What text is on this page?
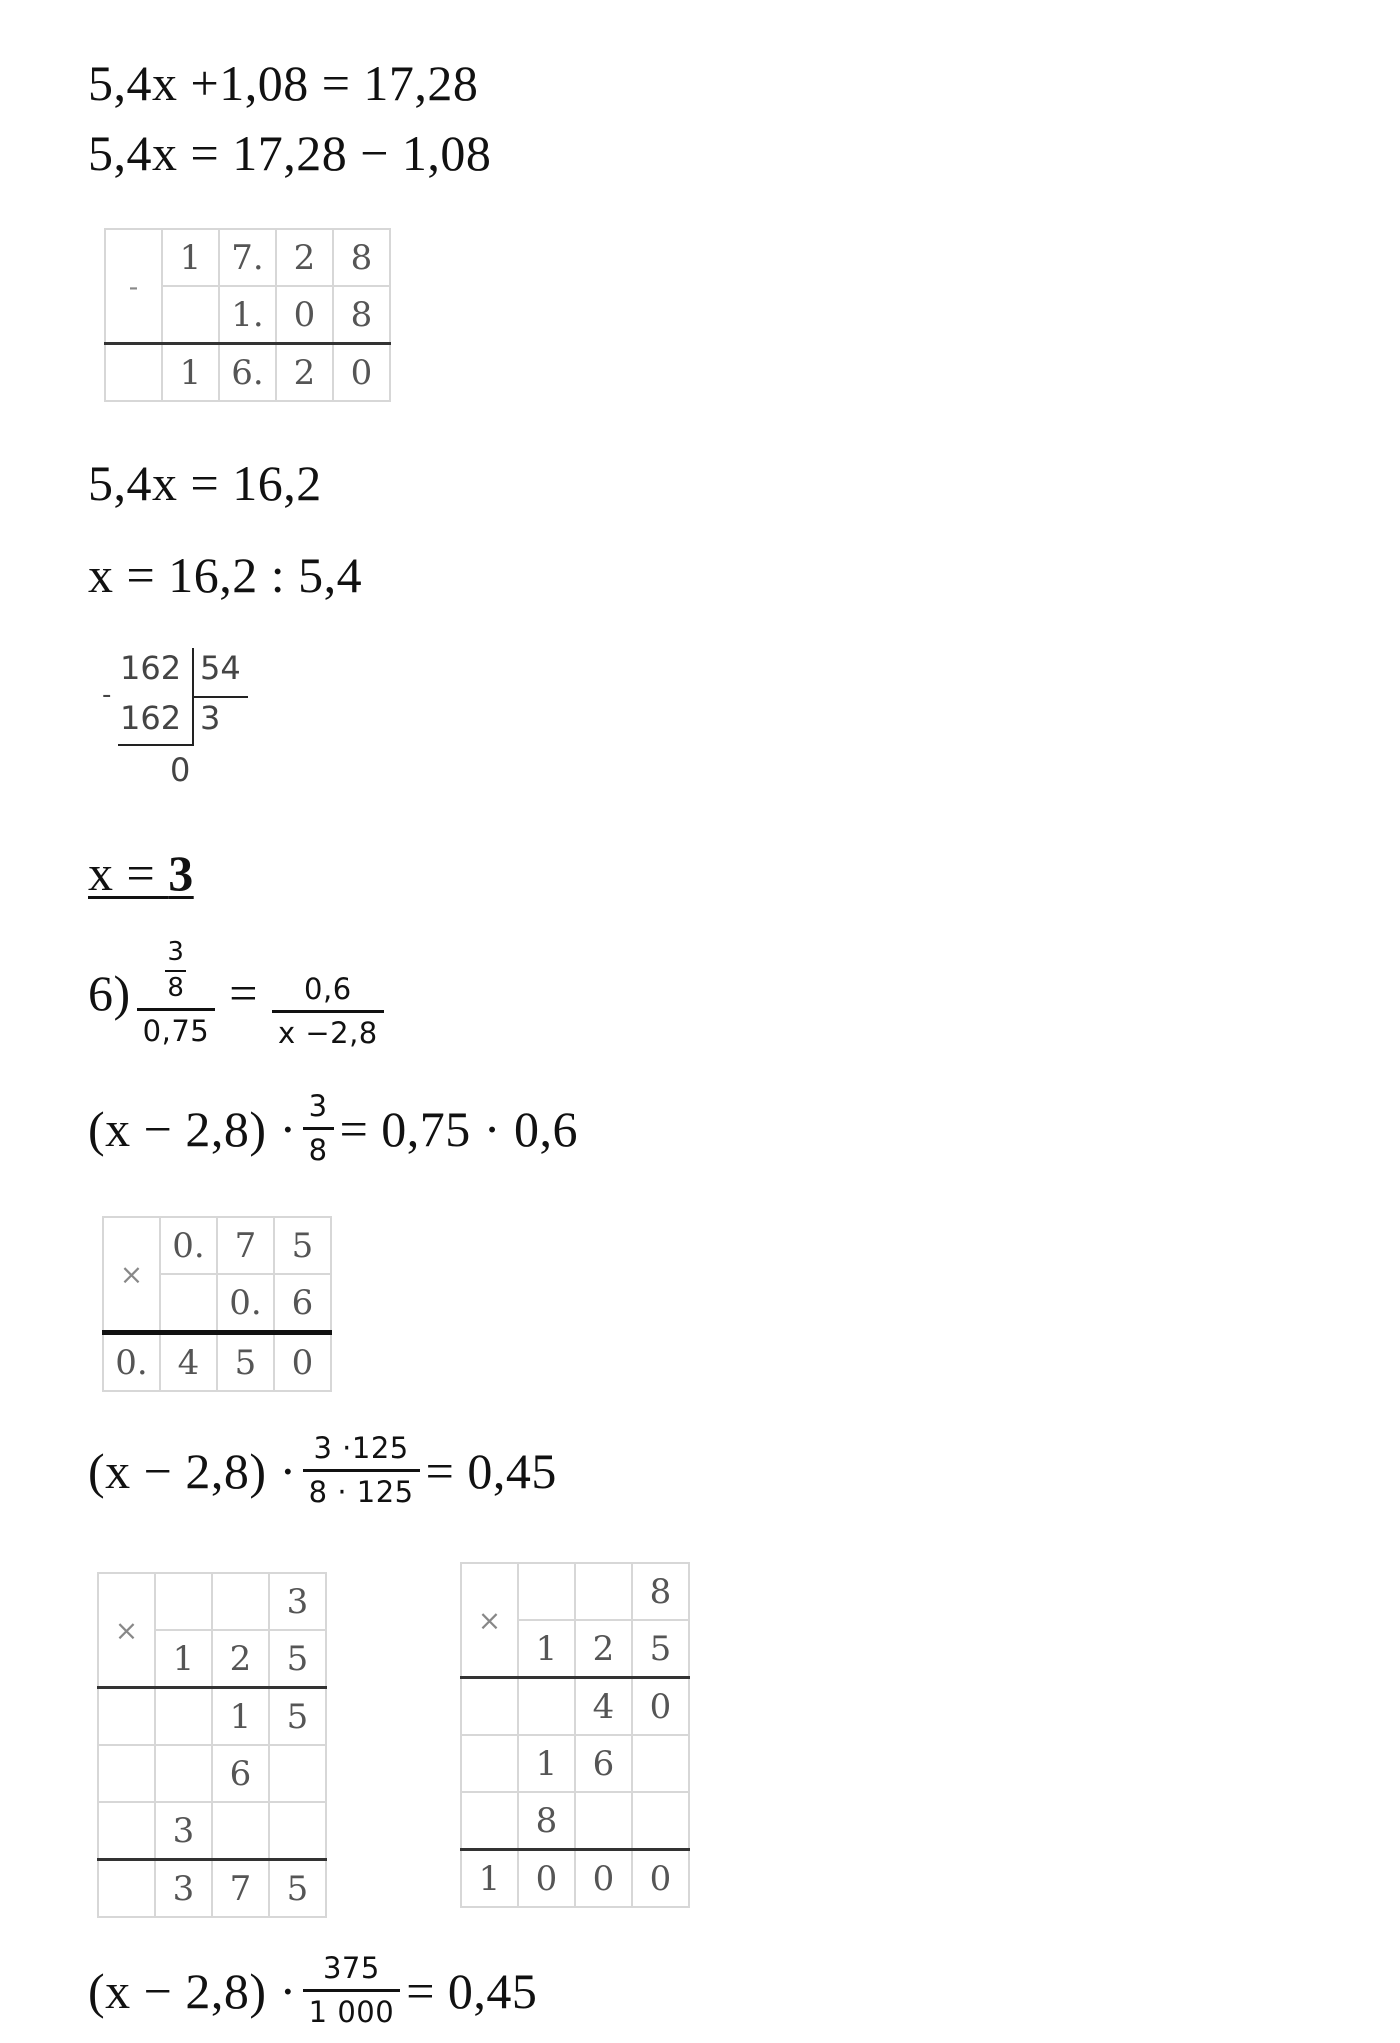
5,4x +1,08 = 17,28
5,4x = 17,28 − 1,08
-	1	7.	2	8
		1.	0	8
	1	6.	2	0
5,4x = 16,2
x = 16,2 : 5,4
162 54
-
162 3
0
x = 3
$6) \frac{\frac{3}{8}}{0,75} = \frac{0,6}{x -2,8}$
$(x - 2,8) \cdot \frac{3}{8} = 0,75 \cdot 0,6$
×	0.	7	5
		0.	6
0.	4	5	0
$(x - 2,8) \cdot \frac{3 \cdot 125}{8 \cdot 125} = 0,45$
×			3
	1	2	5
		1	5
		6	
	3		
	3	7	5
×			8
	1	2	5
		4	0
	1	6	
	8		
1	0	0	0
$(x - 2,8) \cdot \frac{375}{1 000} = 0,45$
